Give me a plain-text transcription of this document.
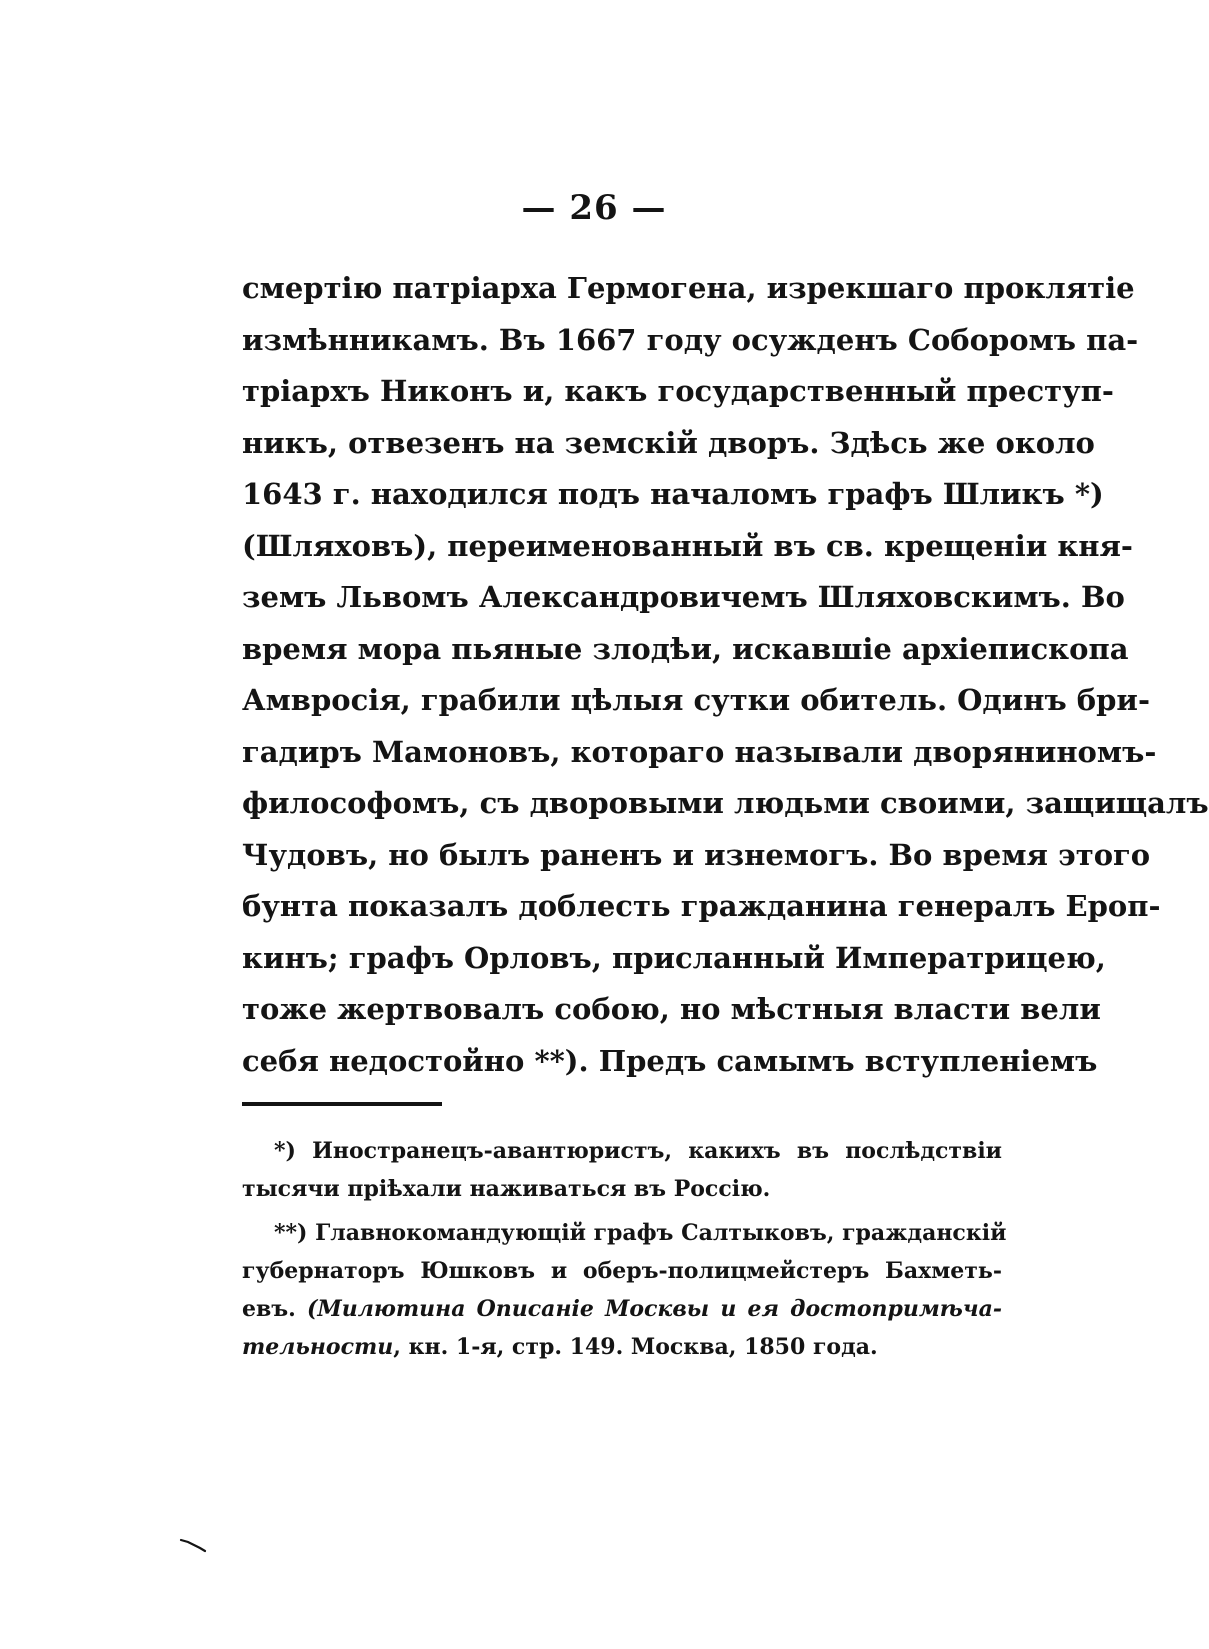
— 26 —
смертію патріарха Гермогена, изрекшаго проклятіе
измѣнникамъ. Въ 1667 году осужденъ Соборомъ па-
тріархъ Никонъ и, какъ государственный преступ-
никъ, отвезенъ на земскій дворъ. Здѣсь же около
1643 г. находился подъ началомъ графъ Шликъ *)
(Шляховъ), переименованный въ св. крещеніи кня-
земъ Львомъ Александровичемъ Шляховскимъ. Во
время мора пьяные злодѣи, искавшіе архіепископа
Амвросія, грабили цѣлыя сутки обитель. Одинъ бри-
гадиръ Мамоновъ, котораго называли дворяниномъ-
философомъ, съ дворовыми людьми своими, защищалъ
Чудовъ, но былъ раненъ и изнемогъ. Во время этого
бунта показалъ доблесть гражданина генералъ Ероп-
кинъ; графъ Орловъ, присланный Императрицею,
тоже жертвовалъ собою, но мѣстныя власти вели
себя недостойно **). Предъ самымъ вступленіемъ
*) Иностранецъ-авантюристъ, какихъ въ послѣдствіи
тысячи пріѣхали наживаться въ Россію.
**) Главнокомандующій графъ Салтыковъ, гражданскій
губернаторъ Юшковъ и оберъ-полицмейстеръ Бахметь-
евъ. (Милютина Описаніе Москвы и ея достопримѣча-
тельности, кн. 1-я, стр. 149. Москва, 1850 года.
